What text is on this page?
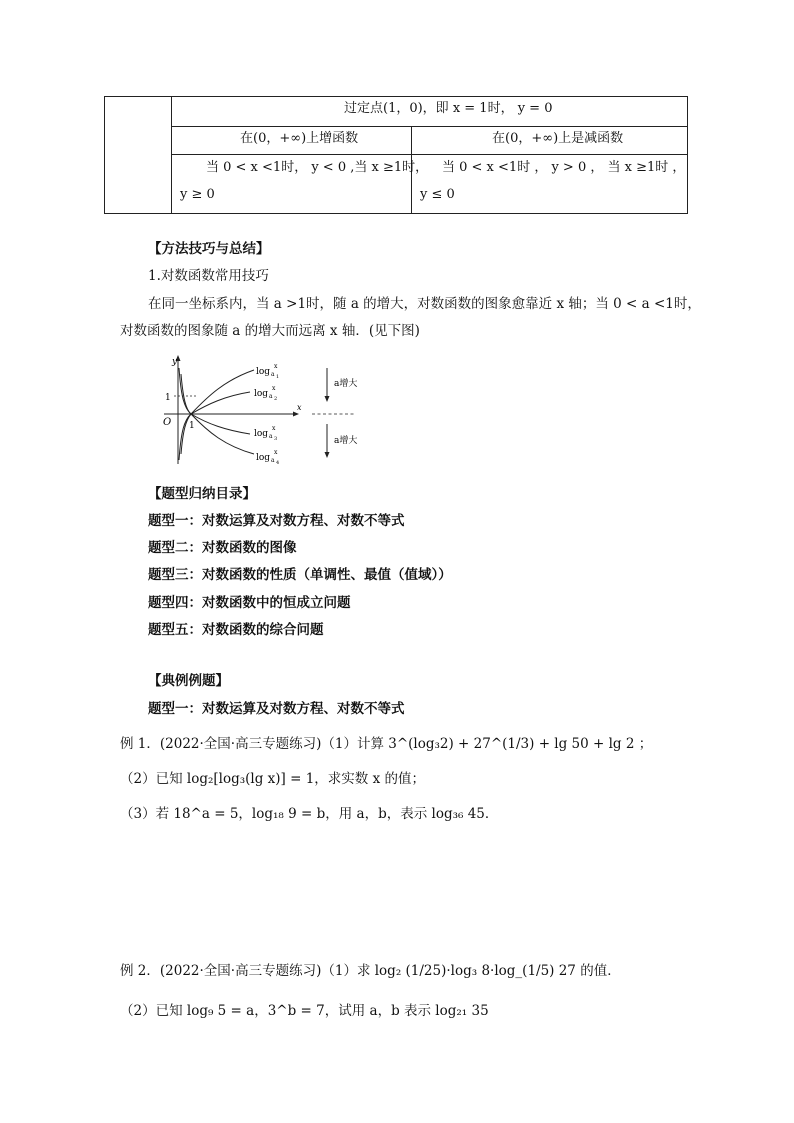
过定点(1，0)，即 x = 1时， y = 0
在(0，+∞)上增函数	在(0，+∞)上是减函数
当 0 < x <1时， y < 0 ,当 x ≥1时，
y ≥ 0
当 0 < x <1时 ， y > 0 ， 当 x ≥1时 ，
y ≤ 0
【方法技巧与总结】
1.对数函数常用技巧
在同一坐标系内，当 a >1时，随 a 的增大，对数函数的图象愈靠近 x 轴；当 0 < a <1时，
对数函数的图象随 a 的增大而远离 x 轴．(见下图)
y
x
O 1
1
log a 1
x
log a 2
x
log a 3
x
log a 4
x
a增大
a增大
【题型归纳目录】
题型一：对数运算及对数方程、对数不等式
题型二：对数函数的图像
题型三：对数函数的性质（单调性、最值（值域））
题型四：对数函数中的恒成立问题
题型五：对数函数的综合问题
【典例例题】
题型一：对数运算及对数方程、对数不等式
例 1．(2022·全国·高三专题练习)（1）计算 3^(log₃2) + 27^(1/3) + lg 50 + lg 2 ；
（2）已知 log₂[log₃(lg x)] = 1，求实数 x 的值；
（3）若 18^a = 5，log₁₈ 9 = b，用 a，b，表示 log₃₆ 45．
例 2．(2022·全国·高三专题练习)（1）求 log₂ (1/25)·log₃ 8·log_(1/5) 27 的值．
（2）已知 log₉ 5 = a，3^b = 7，试用 a，b 表示 log₂₁ 35
